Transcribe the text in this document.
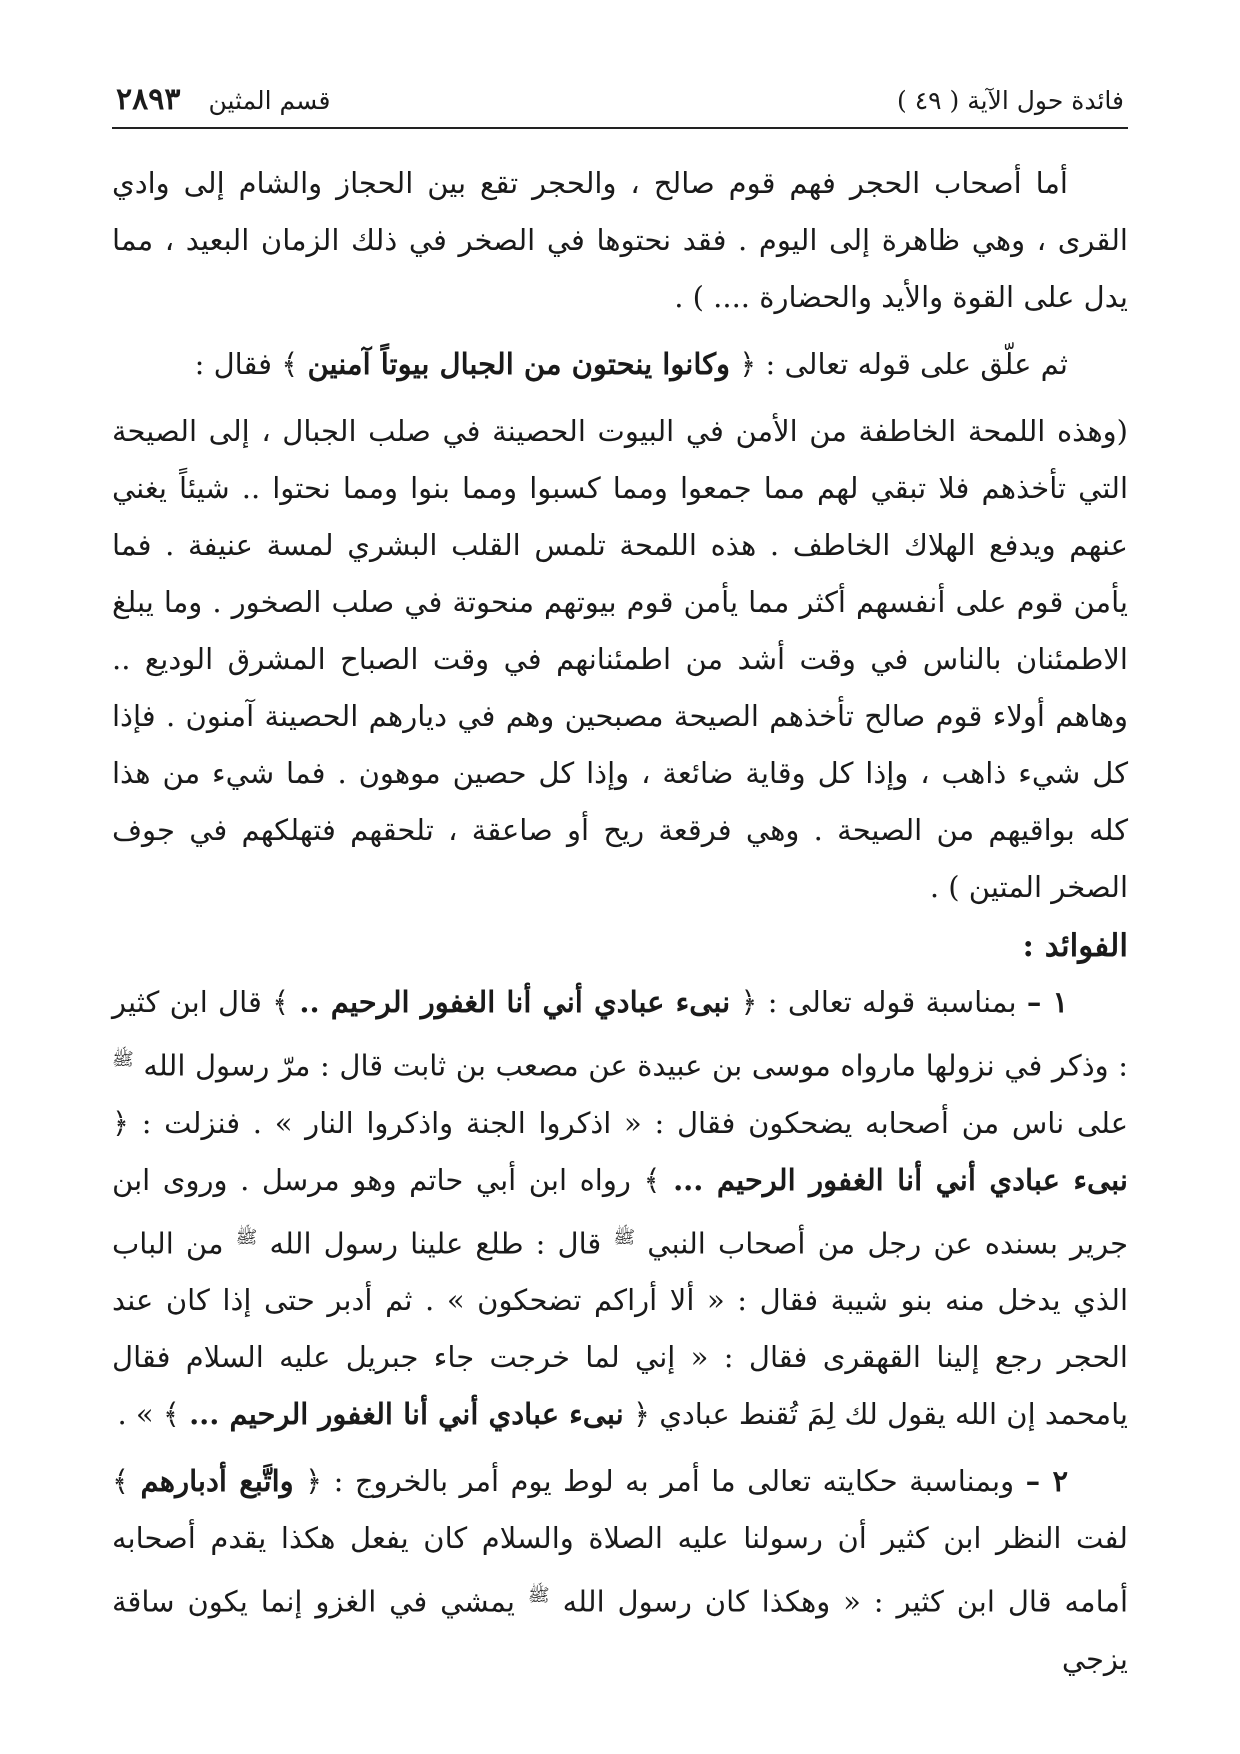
فائدة حول الآية ( ٤٩ )
قسم المثين
٢٨٩٣

أما أصحاب الحجر فهم قوم صالح ، والحجر تقع بين الحجاز والشام إلى وادي القرى ، وهي ظاهرة إلى اليوم . فقد نحتوها في الصخر في ذلك الزمان البعيد ، مما يدل على القوة والأيد والحضارة .... ) .

ثم علّق على قوله تعالى : ﴿ وكانوا ينحتون من الجبال بيوتاً آمنين ﴾ فقال :

(وهذه اللمحة الخاطفة من الأمن في البيوت الحصينة في صلب الجبال ، إلى الصيحة التي تأخذهم فلا تبقي لهم مما جمعوا ومما كسبوا ومما بنوا ومما نحتوا .. شيئاً يغني عنهم ويدفع الهلاك الخاطف . هذه اللمحة تلمس القلب البشري لمسة عنيفة . فما يأمن قوم على أنفسهم أكثر مما يأمن قوم بيوتهم منحوتة في صلب الصخور . وما يبلغ الاطمئنان بالناس في وقت أشد من اطمئنانهم في وقت الصباح المشرق الوديع .. وهاهم أولاء قوم صالح تأخذهم الصيحة مصبحين وهم في ديارهم الحصينة آمنون . فإذا كل شيء ذاهب ، وإذا كل وقاية ضائعة ، وإذا كل حصين موهون . فما شيء من هذا كله بواقيهم من الصيحة . وهي فرقعة ريح أو صاعقة ، تلحقهم فتهلكهم في جوف الصخر المتين ) .

الفوائد :

١ – بمناسبة قوله تعالى : ﴿ نبىء عبادي أني أنا الغفور الرحيم .. ﴾ قال ابن كثير : وذكر في نزولها مارواه موسى بن عبيدة عن مصعب بن ثابت قال : مرّ رسول الله $^ﷺ$ على ناس من أصحابه يضحكون فقال : « اذكروا الجنة واذكروا النار » . فنزلت : ﴿ نبىء عبادي أني أنا الغفور الرحيم ... ﴾ رواه ابن أبي حاتم وهو مرسل . وروى ابن جرير بسنده عن رجل من أصحاب النبي $^ﷺ$ قال : طلع علينا رسول الله $^ﷺ$ من الباب الذي يدخل منه بنو شيبة فقال : « ألا أراكم تضحكون » . ثم أدبر حتى إذا كان عند الحجر رجع إلينا القهقرى فقال : « إني لما خرجت جاء جبريل عليه السلام فقال يامحمد إن الله يقول لك لِمَ تُقنط عبادي ﴿ نبىء عبادي أني أنا الغفور الرحيم ... ﴾ » .

٢ – وبمناسبة حكايته تعالى ما أمر به لوط يوم أمر بالخروج : ﴿ واتَّبع أدبارهم ﴾ لفت النظر ابن كثير أن رسولنا عليه الصلاة والسلام كان يفعل هكذا يقدم أصحابه أمامه قال ابن كثير : « وهكذا كان رسول الله $^ﷺ$ يمشي في الغزو إنما يكون ساقة يزجي
